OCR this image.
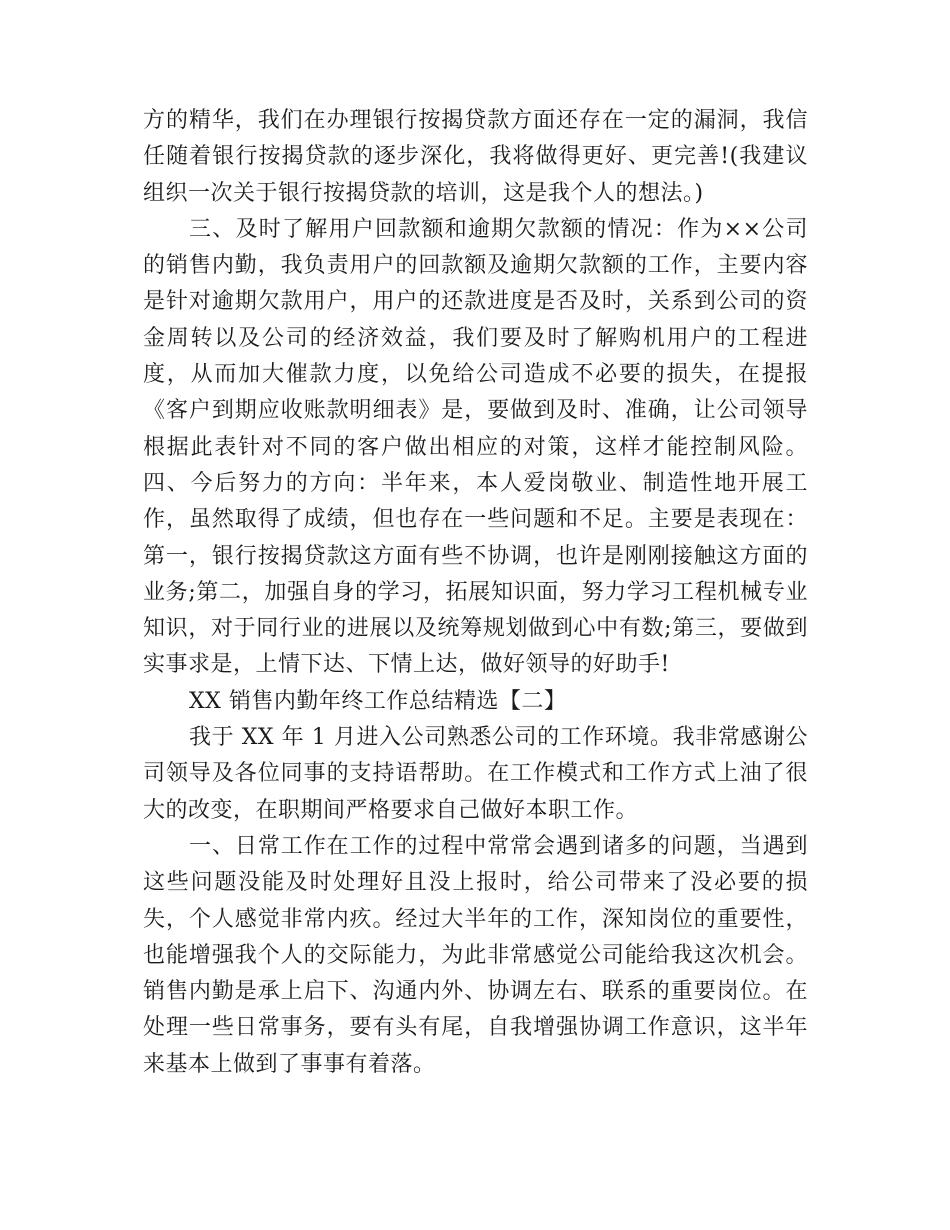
方的精华，我们在办理银行按揭贷款方面还存在一定的漏洞，我信任随着银行按揭贷款的逐步深化，我将做得更好、更完善!(我建议组织一次关于银行按揭贷款的培训，这是我个人的想法。)

三、及时了解用户回款额和逾期欠款额的情况：作为××公司的销售内勤，我负责用户的回款额及逾期欠款额的工作，主要内容是针对逾期欠款用户，用户的还款进度是否及时，关系到公司的资金周转以及公司的经济效益，我们要及时了解购机用户的工程进度，从而加大催款力度，以免给公司造成不必要的损失，在提报《客户到期应收账款明细表》是，要做到及时、准确，让公司领导根据此表针对不同的客户做出相应的对策，这样才能控制风险。四、今后努力的方向：半年来，本人爱岗敬业、制造性地开展工作，虽然取得了成绩，但也存在一些问题和不足。主要是表现在：第一，银行按揭贷款这方面有些不协调，也许是刚刚接触这方面的业务;第二，加强自身的学习，拓展知识面，努力学习工程机械专业知识，对于同行业的进展以及统筹规划做到心中有数;第三，要做到实事求是，上情下达、下情上达，做好领导的好助手!

XX 销售内勤年终工作总结精选【二】

我于 XX 年 1 月进入公司熟悉公司的工作环境。我非常感谢公司领导及各位同事的支持语帮助。在工作模式和工作方式上油了很大的改变，在职期间严格要求自己做好本职工作。

一、日常工作在工作的过程中常常会遇到诸多的问题，当遇到这些问题没能及时处理好且没上报时，给公司带来了没必要的损失，个人感觉非常内疚。经过大半年的工作，深知岗位的重要性，也能增强我个人的交际能力，为此非常感觉公司能给我这次机会。销售内勤是承上启下、沟通内外、协调左右、联系的重要岗位。在处理一些日常事务，要有头有尾，自我增强协调工作意识，这半年来基本上做到了事事有着落。
